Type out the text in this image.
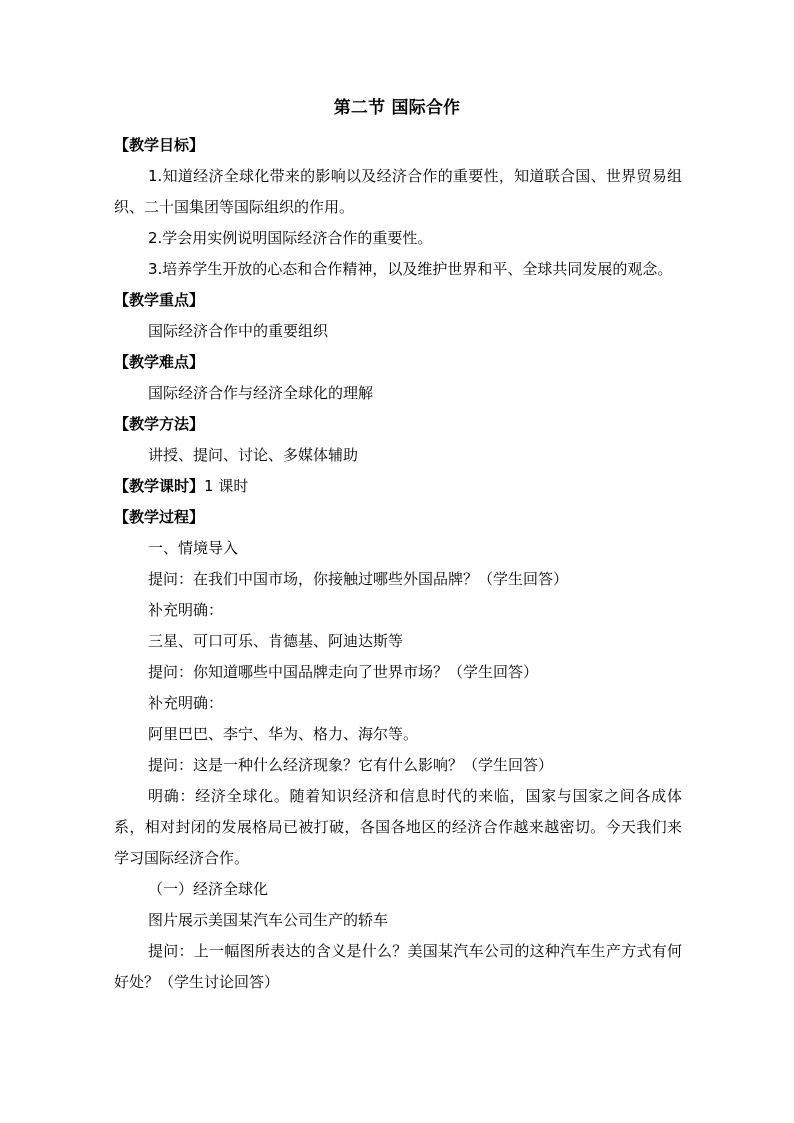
第二节 国际合作

【教学目标】

1.知道经济全球化带来的影响以及经济合作的重要性，知道联合国、世界贸易组织、二十国集团等国际组织的作用。

2.学会用实例说明国际经济合作的重要性。

3.培养学生开放的心态和合作精神，以及维护世界和平、全球共同发展的观念。

【教学重点】

国际经济合作中的重要组织

【教学难点】

国际经济合作与经济全球化的理解

【教学方法】

讲授、提问、讨论、多媒体辅助

【教学课时】1 课时

【教学过程】

一、情境导入

提问：在我们中国市场，你接触过哪些外国品牌？（学生回答）

补充明确：

三星、可口可乐、肯德基、阿迪达斯等

提问：你知道哪些中国品牌走向了世界市场？（学生回答）

补充明确：

阿里巴巴、李宁、华为、格力、海尔等。

提问：这是一种什么经济现象？它有什么影响？（学生回答）

明确：经济全球化。随着知识经济和信息时代的来临，国家与国家之间各成体系，相对封闭的发展格局已被打破，各国各地区的经济合作越来越密切。今天我们来学习国际经济合作。

（一）经济全球化

图片展示美国某汽车公司生产的轿车

提问：上一幅图所表达的含义是什么？美国某汽车公司的这种汽车生产方式有何好处？（学生讨论回答）
